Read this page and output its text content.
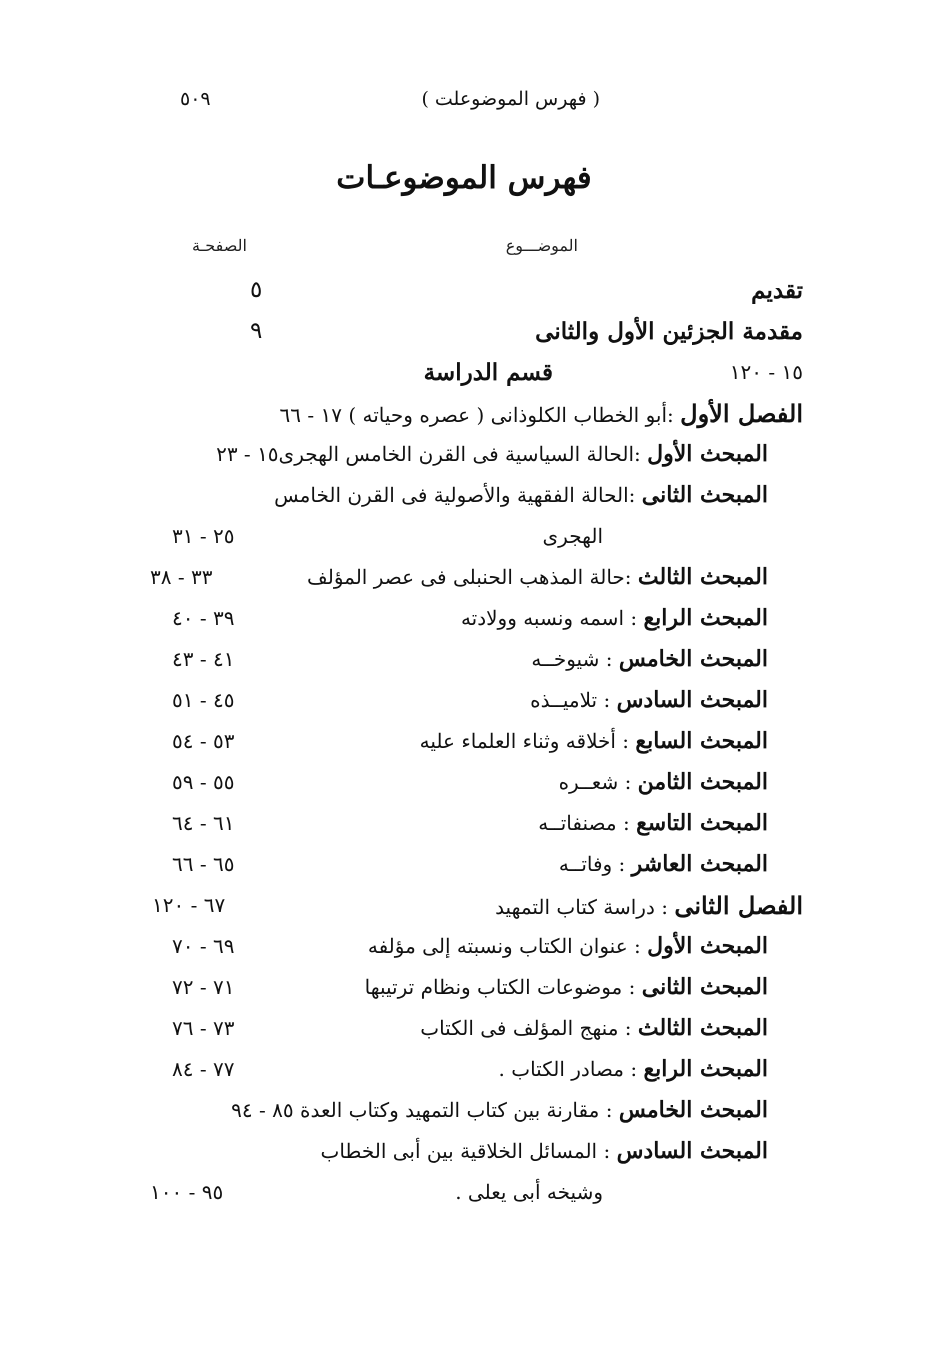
( فهرس الموضوعلت )
٥٠٩
فهرس الموضوعـات
الموضـــوع
الصفحـة
تقديم
٥
مقدمة الجزئين الأول والثانى
٩
١٥ - ١٢٠
قسم الدراسة
الفصل الأول :أبو الخطاب الكلوذانى ( عصره وحياته ) ١٧ - ٦٦
المبحث الأول :الحالة السياسية فى القرن الخامس الهجرى١٥ - ٢٣
المبحث الثانى :الحالة الفقهية والأصولية فى القرن الخامس
الهجرى
٢٥ - ٣١
المبحث الثالث :حالة المذهب الحنبلى فى عصر المؤلف
٣٣ - ٣٨
المبحث الرابع : اسمه ونسبه وولادته
٣٩ - ٤٠
المبحث الخامس : شيوخــه
٤١ - ٤٣
المبحث السادس : تلاميــذه
٤٥ - ٥١
المبحث السابع : أخلاقه وثناء العلماء عليه
٥٣ - ٥٤
المبحث الثامن : شعــره
٥٥ - ٥٩
المبحث التاسع : مصنفاتــه
٦١ - ٦٤
المبحث العاشر : وفاتــه
٦٥ - ٦٦
الفصل الثانى : دراسة كتاب التمهيد
٦٧ - ١٢٠
المبحث الأول : عنوان الكتاب ونسبته إلى مؤلفه
٦٩ - ٧٠
المبحث الثانى : موضوعات الكتاب ونظام ترتيبها
٧١ - ٧٢
المبحث الثالث : منهج المؤلف فى الكتاب
٧٣ - ٧٦
المبحث الرابع : مصادر الكتاب .
٧٧ - ٨٤
المبحث الخامس : مقارنة بين كتاب التمهيد وكتاب العدة ٨٥ - ٩٤
المبحث السادس : المسائل الخلاقية بين أبى الخطاب
وشيخه أبى يعلى .
٩٥ - ١٠٠
